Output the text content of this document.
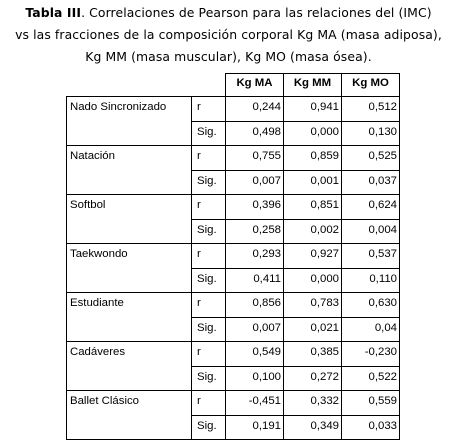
Tabla III. Correlaciones de Pearson para las relaciones del (IMC)
vs las fracciones de la composición corporal Kg MA (masa adiposa),
Kg MM (masa muscular), Kg MO (masa ósea).
		Kg MA	Kg MM	Kg MO
Nado Sincronizado	r	0,244	0,941	0,512
	Sig.	0,498	0,000	0,130
Natación	r	0,755	0,859	0,525
	Sig.	0,007	0,001	0,037
Softbol	r	0,396	0,851	0,624
	Sig.	0,258	0,002	0,004
Taekwondo	r	0,293	0,927	0,537
	Sig.	0,411	0,000	0,110
Estudiante	r	0,856	0,783	0,630
	Sig.	0,007	0,021	0,04
Cadáveres	r	0,549	0,385	-0,230
	Sig.	0,100	0,272	0,522
Ballet Clásico	r	-0,451	0,332	0,559
	Sig.	0,191	0,349	0,033
